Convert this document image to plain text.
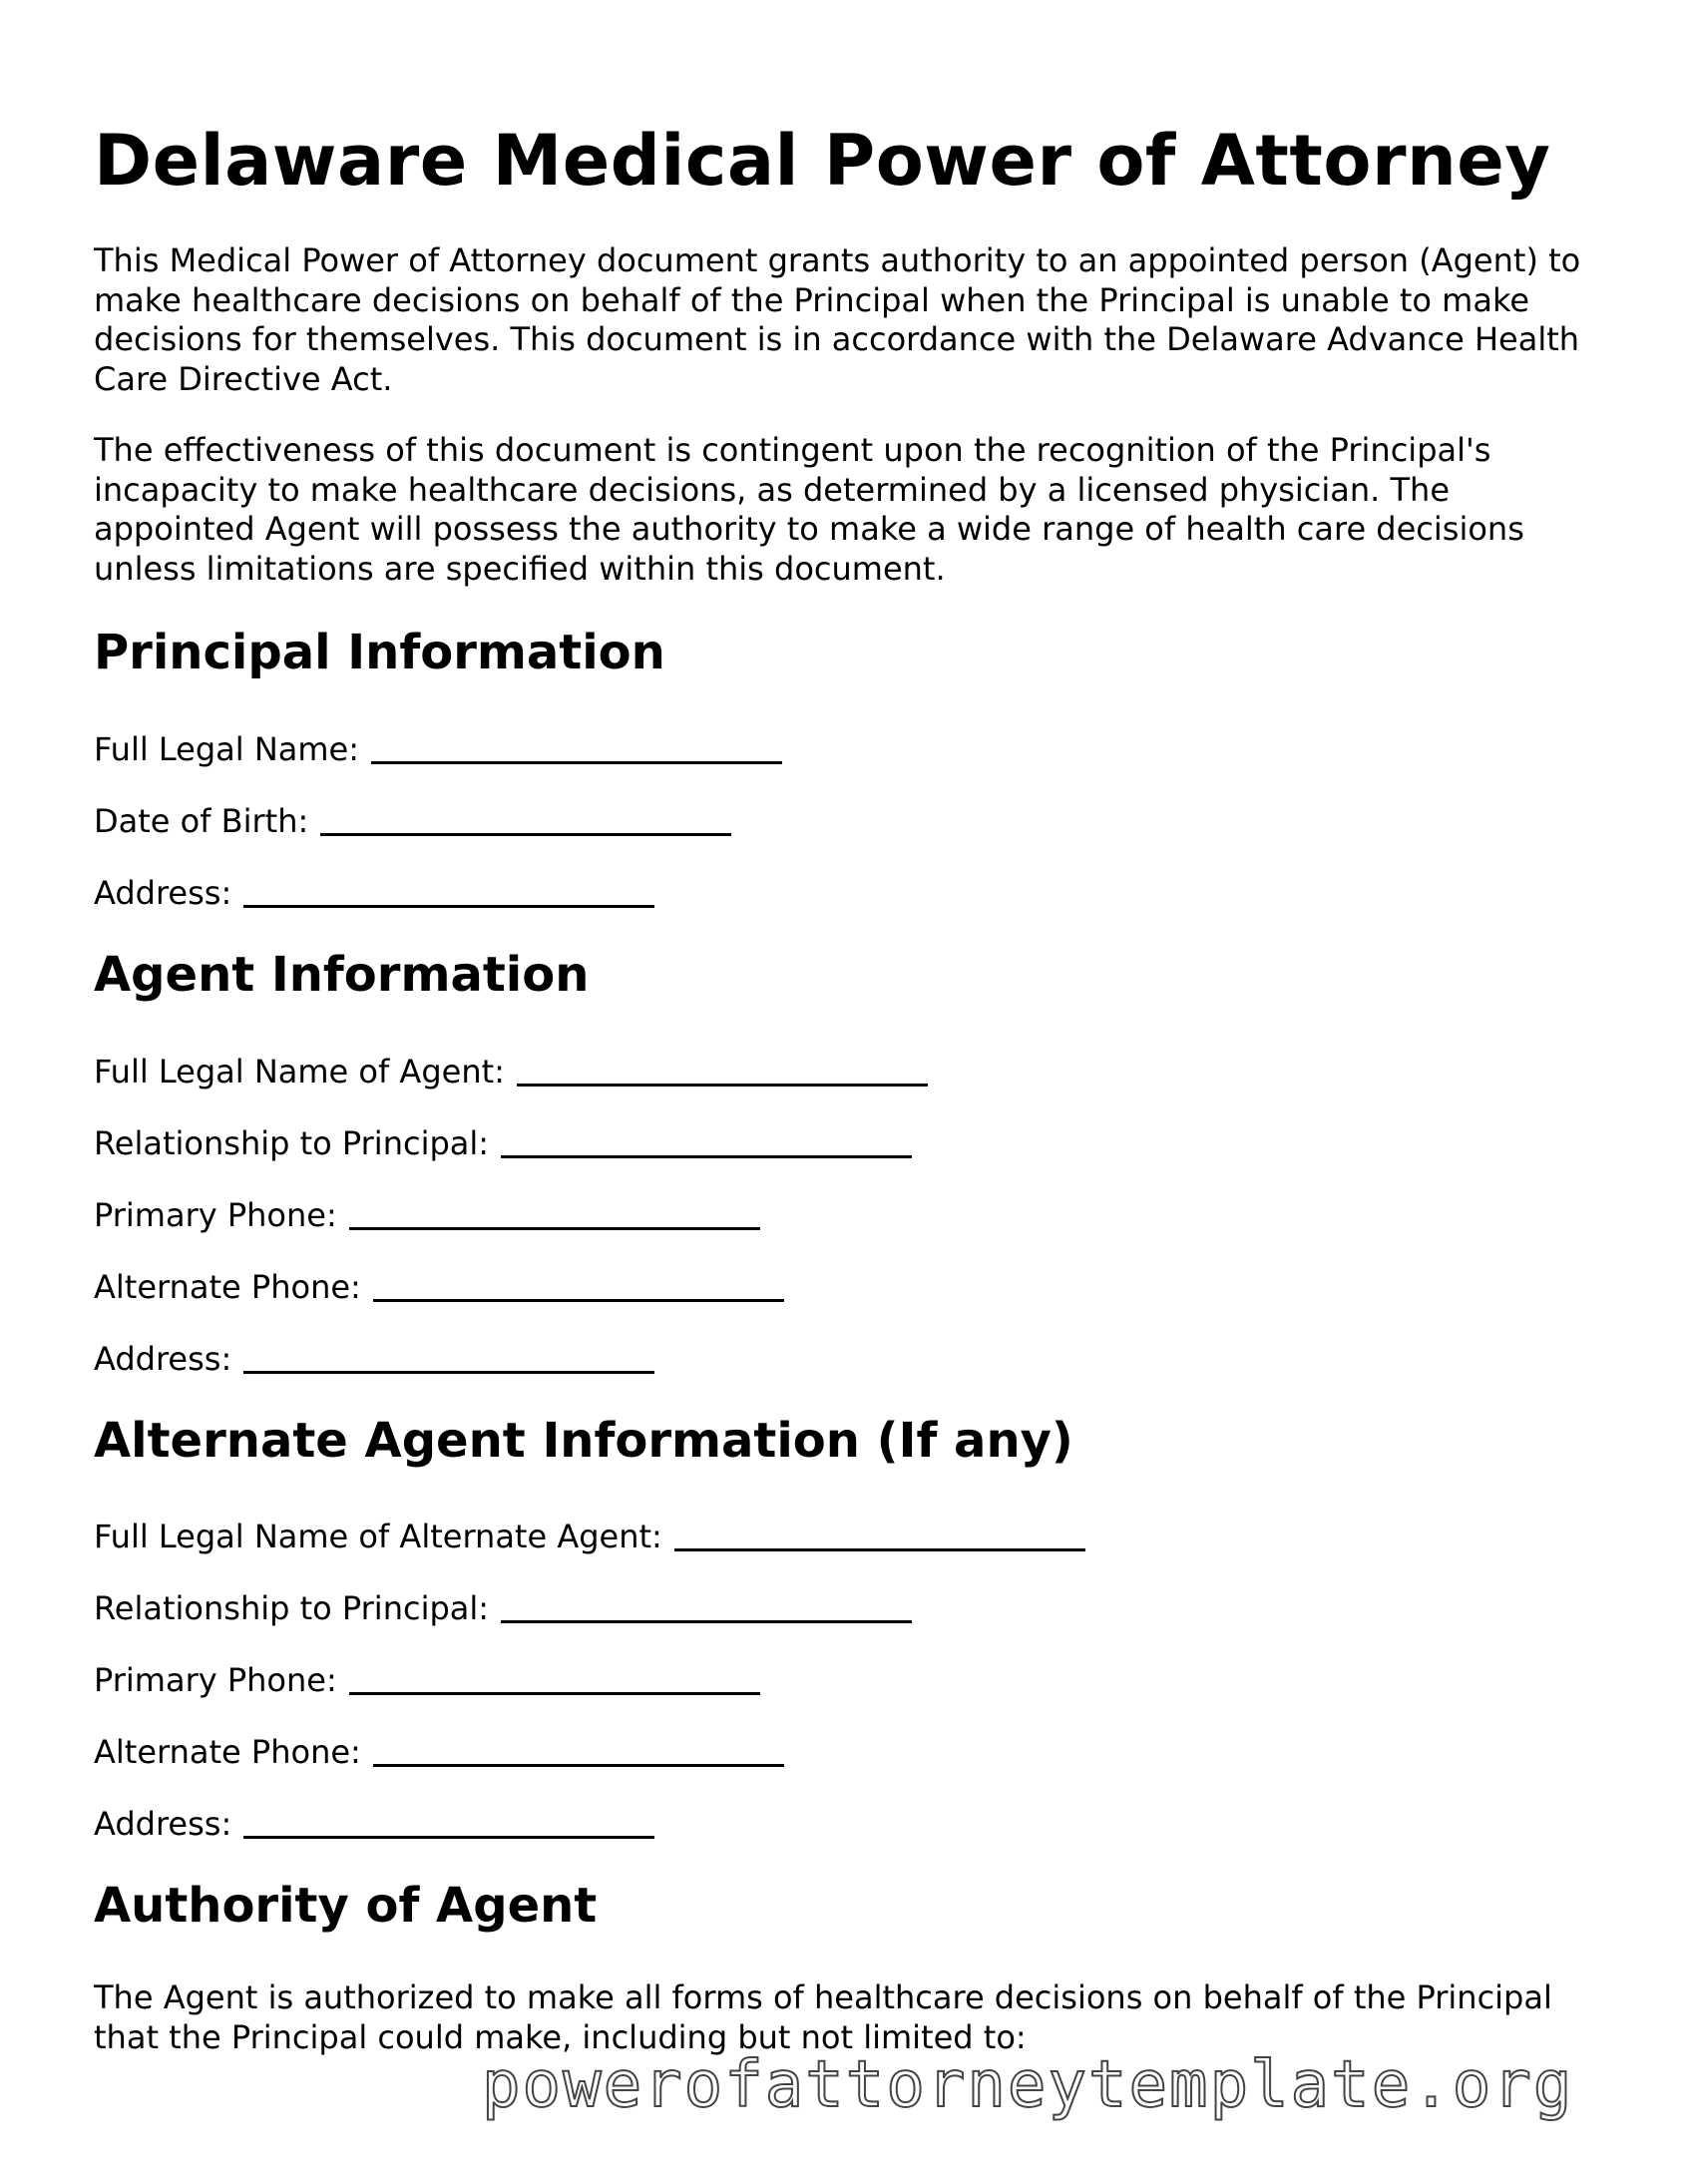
Delaware Medical Power of Attorney

This Medical Power of Attorney document grants authority to an appointed person (Agent) to make healthcare decisions on behalf of the Principal when the Principal is unable to make decisions for themselves. This document is in accordance with the Delaware Advance Health Care Directive Act.

The effectiveness of this document is contingent upon the recognition of the Principal's incapacity to make healthcare decisions, as determined by a licensed physician. The appointed Agent will possess the authority to make a wide range of health care decisions unless limitations are specified within this document.

Principal Information
Full Legal Name:
Date of Birth:
Address:
Agent Information
Full Legal Name of Agent:
Relationship to Principal:
Primary Phone:
Alternate Phone:
Address:
Alternate Agent Information (If any)
Full Legal Name of Alternate Agent:
Relationship to Principal:
Primary Phone:
Alternate Phone:
Address:
Authority of Agent

The Agent is authorized to make all forms of healthcare decisions on behalf of the Principal that the Principal could make, including but not limited to:

powerofattorneytemplate.org
